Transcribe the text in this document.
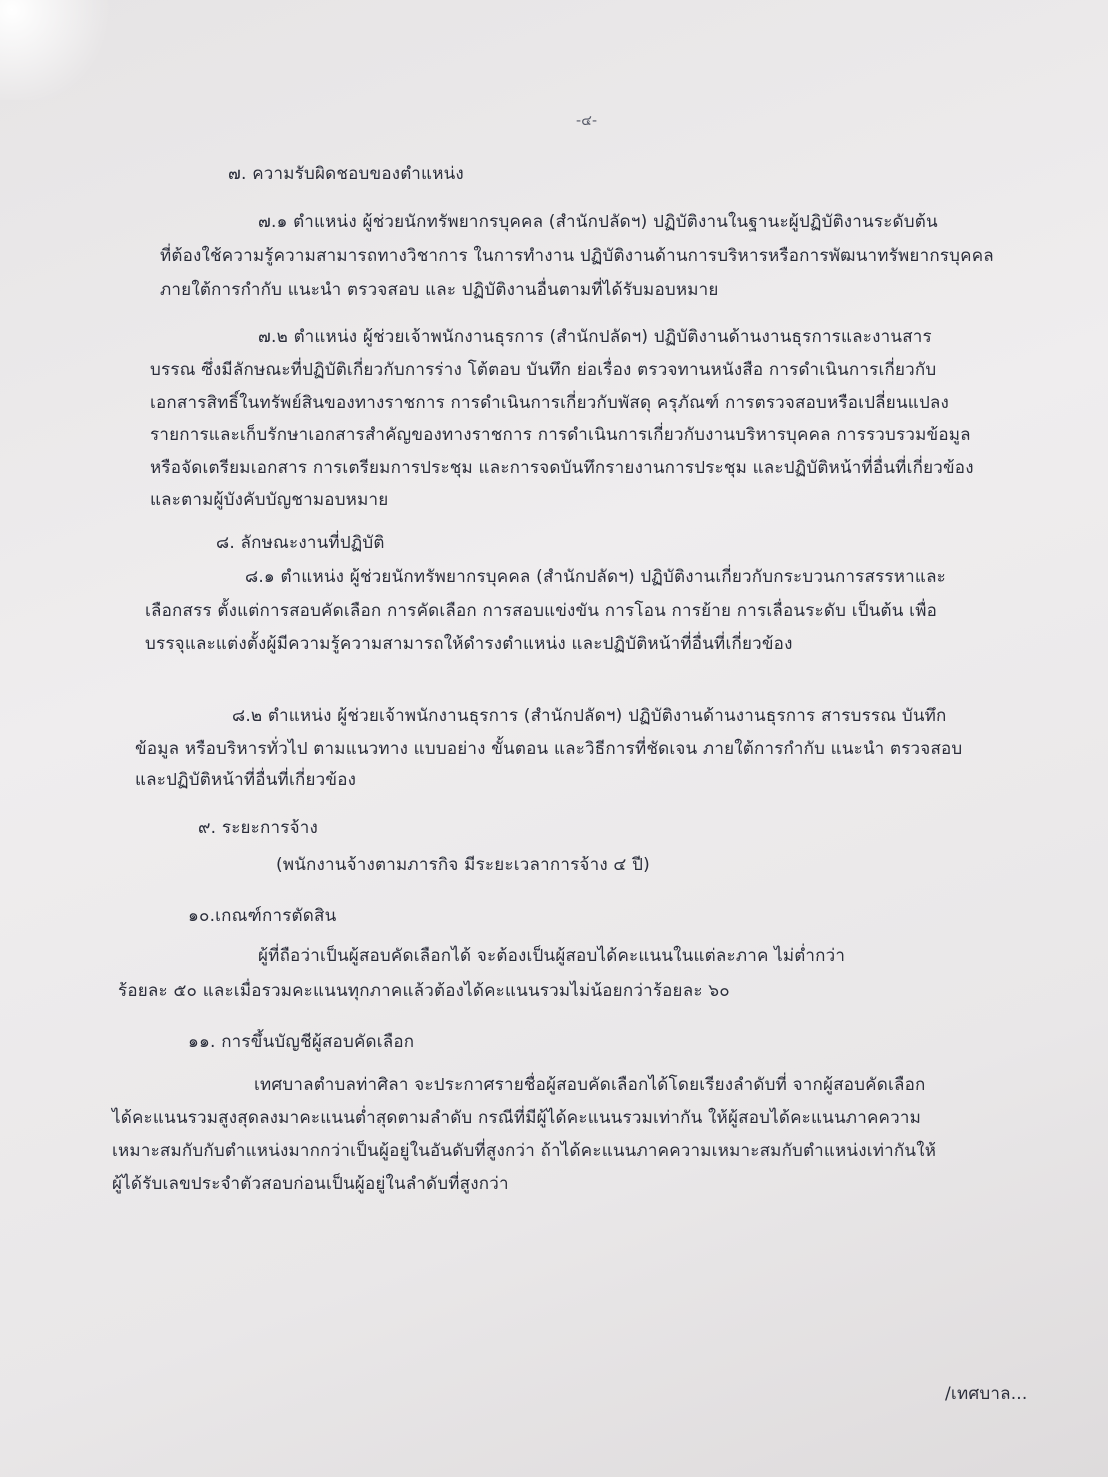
-๔-
๗. ความรับผิดชอบของตำแหน่ง
๗.๑ ตำแหน่ง ผู้ช่วยนักทรัพยากรบุคคล (สำนักปลัดฯ) ปฏิบัติงานในฐานะผู้ปฏิบัติงานระดับต้น
ที่ต้องใช้ความรู้ความสามารถทางวิชาการ ในการทำงาน ปฏิบัติงานด้านการบริหารหรือการพัฒนาทรัพยากรบุคคล
ภายใต้การกำกับ แนะนำ ตรวจสอบ และ ปฏิบัติงานอื่นตามที่ได้รับมอบหมาย
๗.๒ ตำแหน่ง ผู้ช่วยเจ้าพนักงานธุรการ (สำนักปลัดฯ) ปฏิบัติงานด้านงานธุรการและงานสาร
บรรณ ซึ่งมีลักษณะที่ปฏิบัติเกี่ยวกับการร่าง โต้ตอบ บันทึก ย่อเรื่อง ตรวจทานหนังสือ การดำเนินการเกี่ยวกับ
เอกสารสิทธิ์ในทรัพย์สินของทางราชการ การดำเนินการเกี่ยวกับพัสดุ ครุภัณฑ์ การตรวจสอบหรือเปลี่ยนแปลง
รายการและเก็บรักษาเอกสารสำคัญของทางราชการ การดำเนินการเกี่ยวกับงานบริหารบุคคล การรวบรวมข้อมูล
หรือจัดเตรียมเอกสาร การเตรียมการประชุม และการจดบันทึกรายงานการประชุม และปฏิบัติหน้าที่อื่นที่เกี่ยวข้อง
และตามผู้บังคับบัญชามอบหมาย
๘. ลักษณะงานที่ปฏิบัติ
๘.๑ ตำแหน่ง ผู้ช่วยนักทรัพยากรบุคคล (สำนักปลัดฯ) ปฏิบัติงานเกี่ยวกับกระบวนการสรรหาและ
เลือกสรร ตั้งแต่การสอบคัดเลือก การคัดเลือก การสอบแข่งขัน การโอน การย้าย การเลื่อนระดับ เป็นต้น เพื่อ
บรรจุและแต่งตั้งผู้มีความรู้ความสามารถให้ดำรงตำแหน่ง และปฏิบัติหน้าที่อื่นที่เกี่ยวข้อง
๘.๒ ตำแหน่ง ผู้ช่วยเจ้าพนักงานธุรการ (สำนักปลัดฯ) ปฏิบัติงานด้านงานธุรการ สารบรรณ บันทึก
ข้อมูล หรือบริหารทั่วไป ตามแนวทาง แบบอย่าง ขั้นตอน และวิธีการที่ชัดเจน ภายใต้การกำกับ แนะนำ ตรวจสอบ
และปฏิบัติหน้าที่อื่นที่เกี่ยวข้อง
๙. ระยะการจ้าง
(พนักงานจ้างตามภารกิจ มีระยะเวลาการจ้าง ๔ ปี)
๑๐.เกณฑ์การตัดสิน
ผู้ที่ถือว่าเป็นผู้สอบคัดเลือกได้ จะต้องเป็นผู้สอบได้คะแนนในแต่ละภาค ไม่ต่ำกว่า
ร้อยละ ๕๐ และเมื่อรวมคะแนนทุกภาคแล้วต้องได้คะแนนรวมไม่น้อยกว่าร้อยละ ๖๐
๑๑. การขึ้นบัญชีผู้สอบคัดเลือก
เทศบาลตำบลท่าศิลา จะประกาศรายชื่อผู้สอบคัดเลือกได้โดยเรียงลำดับที่ จากผู้สอบคัดเลือก
ได้คะแนนรวมสูงสุดลงมาคะแนนต่ำสุดตามลำดับ กรณีที่มีผู้ได้คะแนนรวมเท่ากัน ให้ผู้สอบได้คะแนนภาคความ
เหมาะสมกับกับตำแหน่งมากกว่าเป็นผู้อยู่ในอันดับที่สูงกว่า ถ้าได้คะแนนภาคความเหมาะสมกับตำแหน่งเท่ากันให้
ผู้ได้รับเลขประจำตัวสอบก่อนเป็นผู้อยู่ในลำดับที่สูงกว่า
/เทศบาล...
